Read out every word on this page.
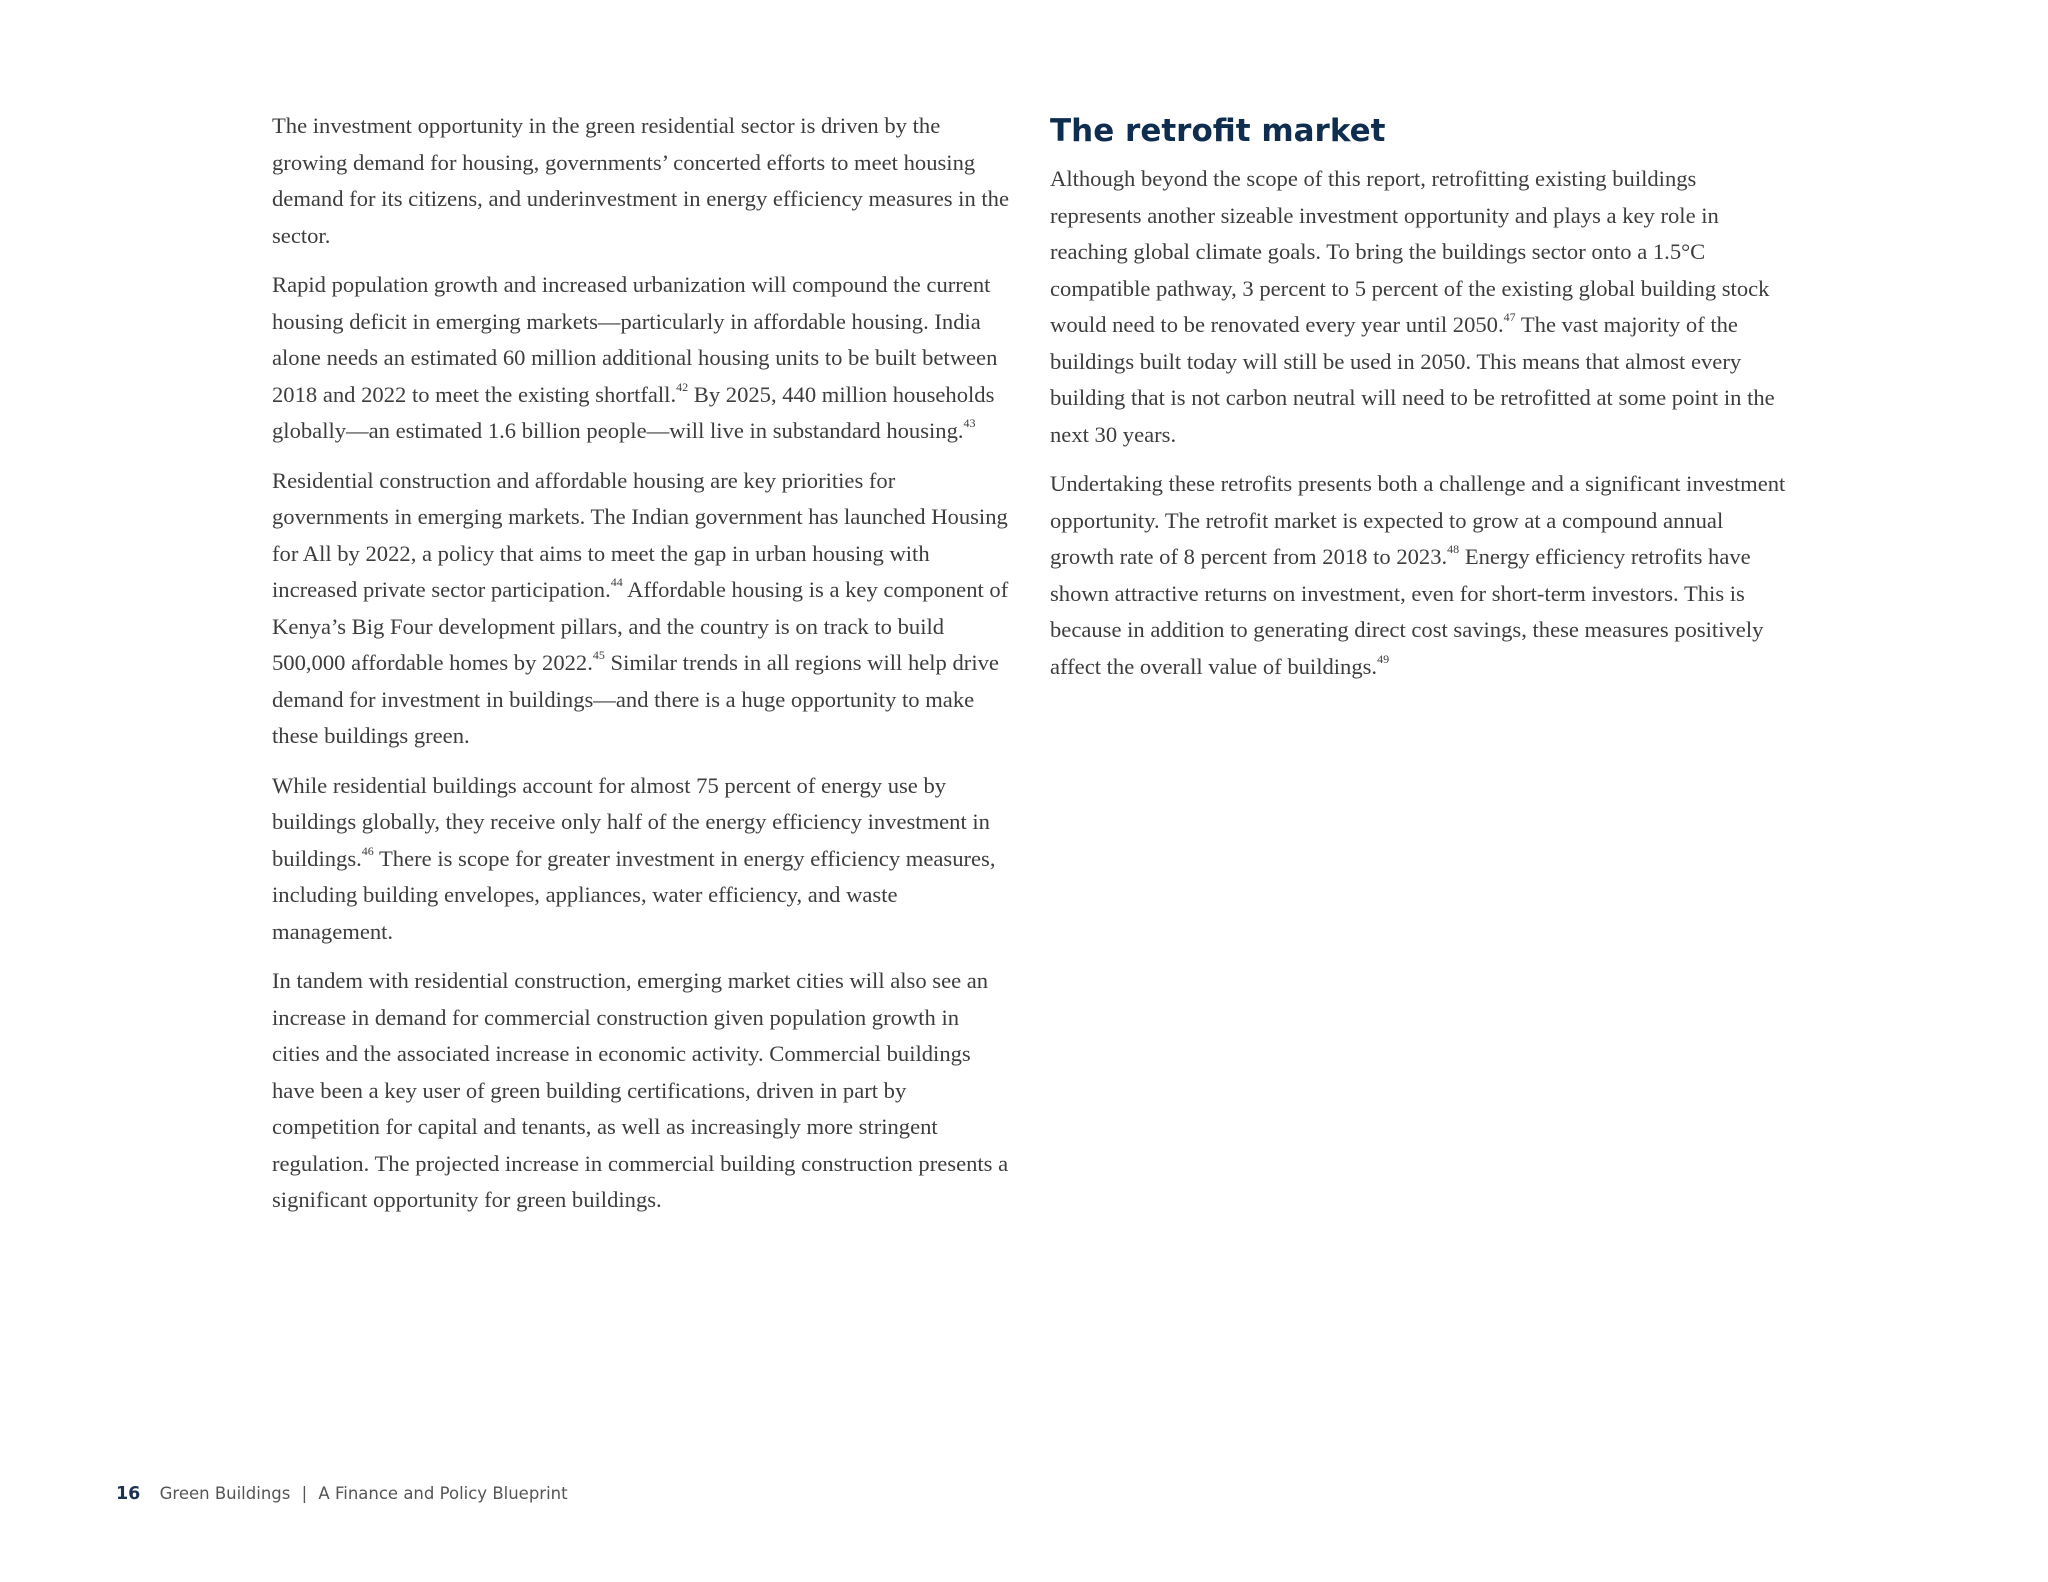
The investment opportunity in the green residential sector is driven by the growing demand for housing, governments’ concerted efforts to meet housing demand for its citizens, and underinvestment in energy efficiency measures in the sector.

Rapid population growth and increased urbanization will compound the current housing deficit in emerging markets—particularly in affordable housing. India alone needs an estimated 60 million additional housing units to be built between 2018 and 2022 to meet the existing shortfall.$^{42}$ By 2025, 440 million households globally—an estimated 1.6 billion people—will live in substandard housing.$^{43}$

Residential construction and affordable housing are key priorities for governments in emerging markets. The Indian government has launched Housing for All by 2022, a policy that aims to meet the gap in urban housing with increased private sector participation.$^{44}$ Affordable housing is a key component of Kenya’s Big Four development pillars, and the country is on track to build 500,000 affordable homes by 2022.45 Similar trends in all regions will help drive demand for investment in buildings—and there is a huge opportunity to make these buildings green.

While residential buildings account for almost 75 percent of energy use by buildings globally, they receive only half of the energy efficiency investment in buildings.$^{46}$ There is scope for greater investment in energy efficiency measures, including building envelopes, appliances, water efficiency, and waste management.

In tandem with residential construction, emerging market cities will also see an increase in demand for commercial construction given population growth in cities and the associated increase in economic activity. Commercial buildings have been a key user of green building certifications, driven in part by competition for capital and tenants, as well as increasingly more stringent regulation. The projected increase in commercial building construction presents a significant opportunity for green buildings.

The retrofit market

Although beyond the scope of this report, retrofitting existing buildings represents another sizeable investment opportunity and plays a key role in reaching global climate goals. To bring the buildings sector onto a 1.5°C compatible pathway, 3 percent to 5 percent of the existing global building stock would need to be renovated every year until 2050.47 The vast majority of the buildings built today will still be used in 2050. This means that almost every building that is not carbon neutral will need to be retrofitted at some point in the next 30 years.

Undertaking these retrofits presents both a challenge and a significant investment opportunity. The retrofit market is expected to grow at a compound annual growth rate of 8 percent from 2018 to 2023.48 Energy efficiency retrofits have shown attractive returns on investment, even for short-term investors. This is because in addition to generating direct cost savings, these measures positively affect the overall value of buildings.$^{49}$

16 Green Buildings | A Finance and Policy Blueprint
